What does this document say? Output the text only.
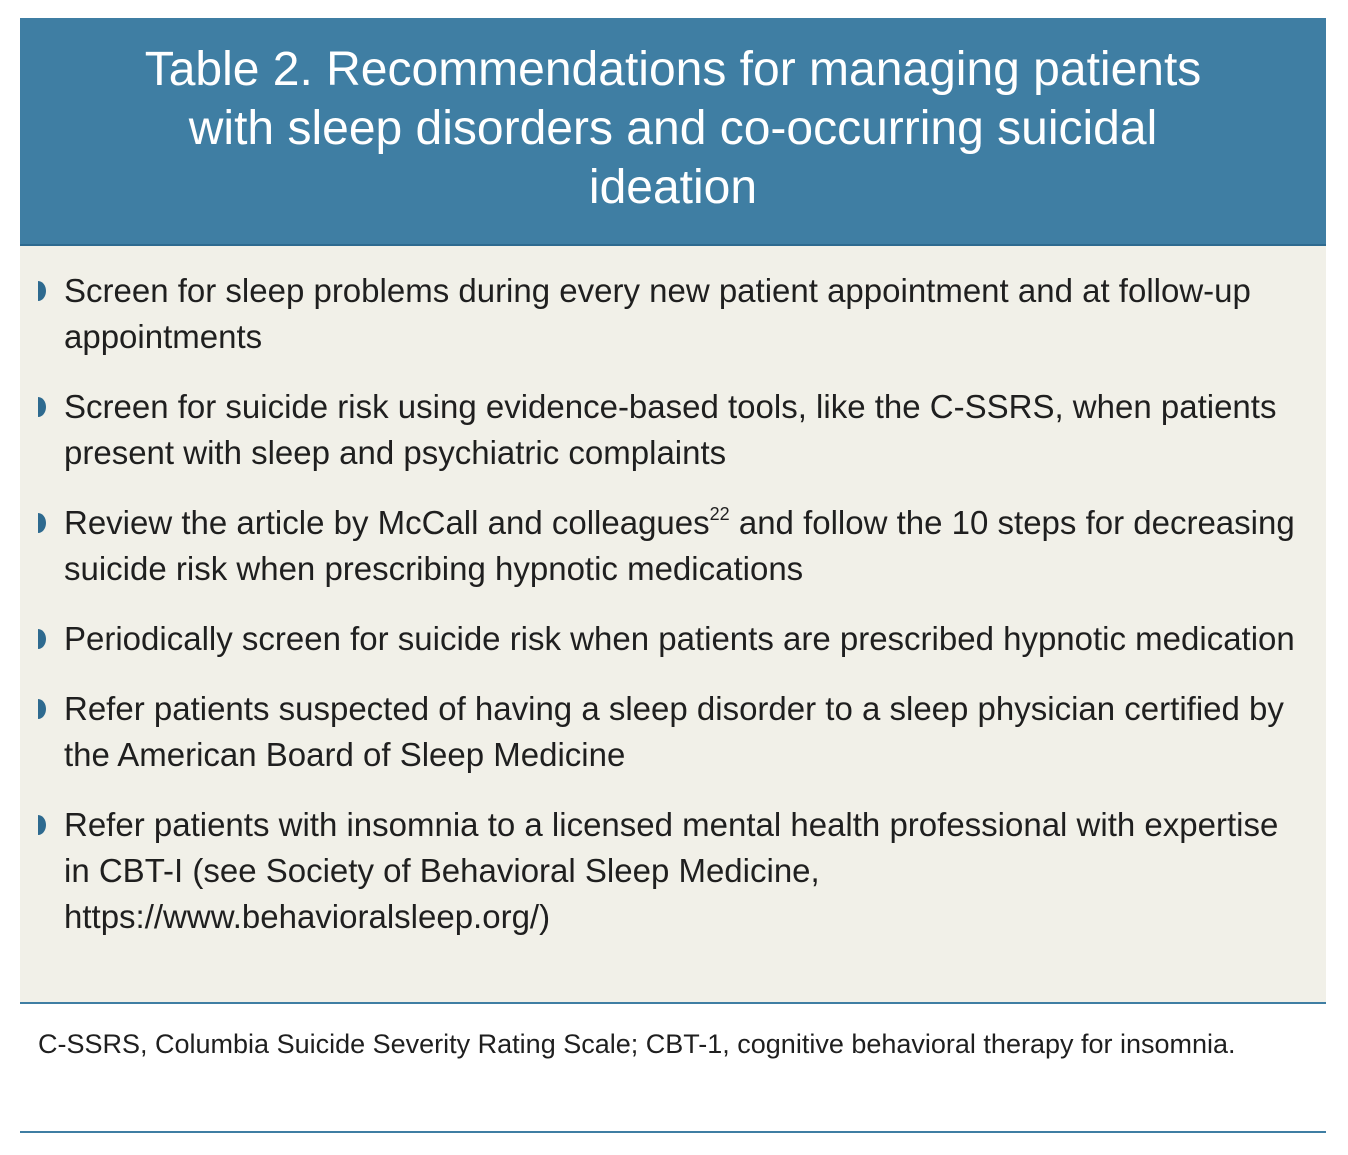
Table 2. Recommendations for managing patients with sleep disorders and co-occurring suicidal ideation
Screen for sleep problems during every new patient appointment and at follow-up appointments
Screen for suicide risk using evidence-based tools, like the C-SSRS, when patients present with sleep and psychiatric complaints
Review the article by McCall and colleagues$^{22}$ and follow the 10 steps for decreasing suicide risk when prescribing hypnotic medications
Periodically screen for suicide risk when patients are prescribed hypnotic medication
Refer patients suspected of having a sleep disorder to a sleep physician certified by the American Board of Sleep Medicine
Refer patients with insomnia to a licensed mental health professional with expertise in CBT-I (see Society of Behavioral Sleep Medicine, https://www.behavioralsleep.org/)
C-SSRS, Columbia Suicide Severity Rating Scale; CBT-1, cognitive behavioral therapy for insomnia.
